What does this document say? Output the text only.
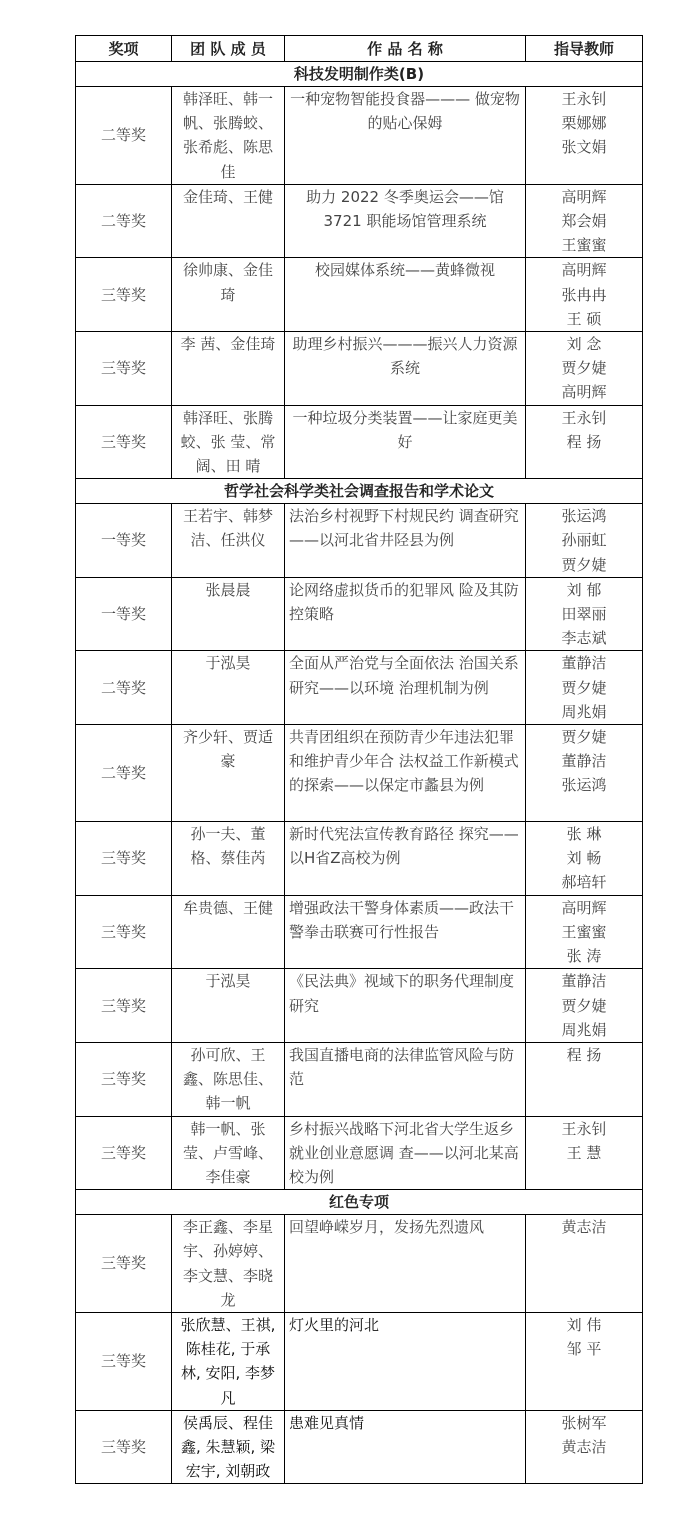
奖项	团 队 成 员	作 品 名 称	指导教师
科技发明制作类(B)			
二等奖	韩泽旺、韩一帆、张腾蛟、张希彪、陈思佳	一种宠物智能投食器——— 做宠物的贴心保姆	王永钊
栗娜娜
张文娟

二等奖	金佳琦、王健	助力 2022 冬季奥运会——馆3721 职能场馆管理系统	高明辉
郑会娟
王蜜蜜

三等奖	徐帅康、金佳琦	校园媒体系统——黄蜂微视	高明辉
张冉冉
王 硕

三等奖	李 茜、金佳琦	助理乡村振兴———振兴人力资源系统	刘 念
贾夕婕
高明辉

三等奖	韩泽旺、张腾蛟、张 莹、常 阔、田 晴	一种垃圾分类装置——让家庭更美好	王永钊
程 扬

哲学社会科学类社会调查报告和学术论文			
一等奖	王若宇、韩梦洁、任洪仪	法治乡村视野下村规民约 调查研究——以河北省井陉县为例	张运鸿
孙丽虹
贾夕婕

一等奖	张晨晨	论网络虚拟货币的犯罪风 险及其防控策略	刘 郁
田翠丽
李志斌

二等奖	于泓昊	全面从严治党与全面依法 治国关系研究——以环境 治理机制为例	董静洁
贾夕婕
周兆娟

二等奖	齐少轩、贾适豪	共青团组织在预防青少年违法犯罪和维护青少年合 法权益工作新模式的探索——以保定市蠡县为例	贾夕婕
董静洁
张运鸿

三等奖	孙一夫、董格、蔡佳芮	新时代宪法宣传教育路径 探究——以H省Z高校为例	张 琳
刘 畅
郝培轩

三等奖	牟贵德、王健	增强政法干警身体素质——政法干警拳击联赛可行性报告	高明辉
王蜜蜜
张 涛

三等奖	于泓昊	《民法典》视域下的职务代理制度研究	董静洁
贾夕婕
周兆娟

三等奖	孙可欣、王鑫、陈思佳、韩一帆	我国直播电商的法律监管风险与防范	程 扬

三等奖	韩一帆、张莹、卢雪峰、李佳豪	乡村振兴战略下河北省大学生返乡就业创业意愿调 查——以河北某高校为例	王永钊
王 慧

红色专项			
三等奖	李正鑫、李星宇、孙婷婷、李文慧、李晓龙	回望峥嵘岁月，发扬先烈遗风	黄志洁

三等奖	张欣慧、王祺, 陈桂花, 于承林, 安阳, 李梦凡	灯火里的河北	刘 伟
邹 平

三等奖	侯禹辰、程佳鑫, 朱慧颖, 梁宏宇, 刘朝政	患难见真情	张树军
黄志洁
